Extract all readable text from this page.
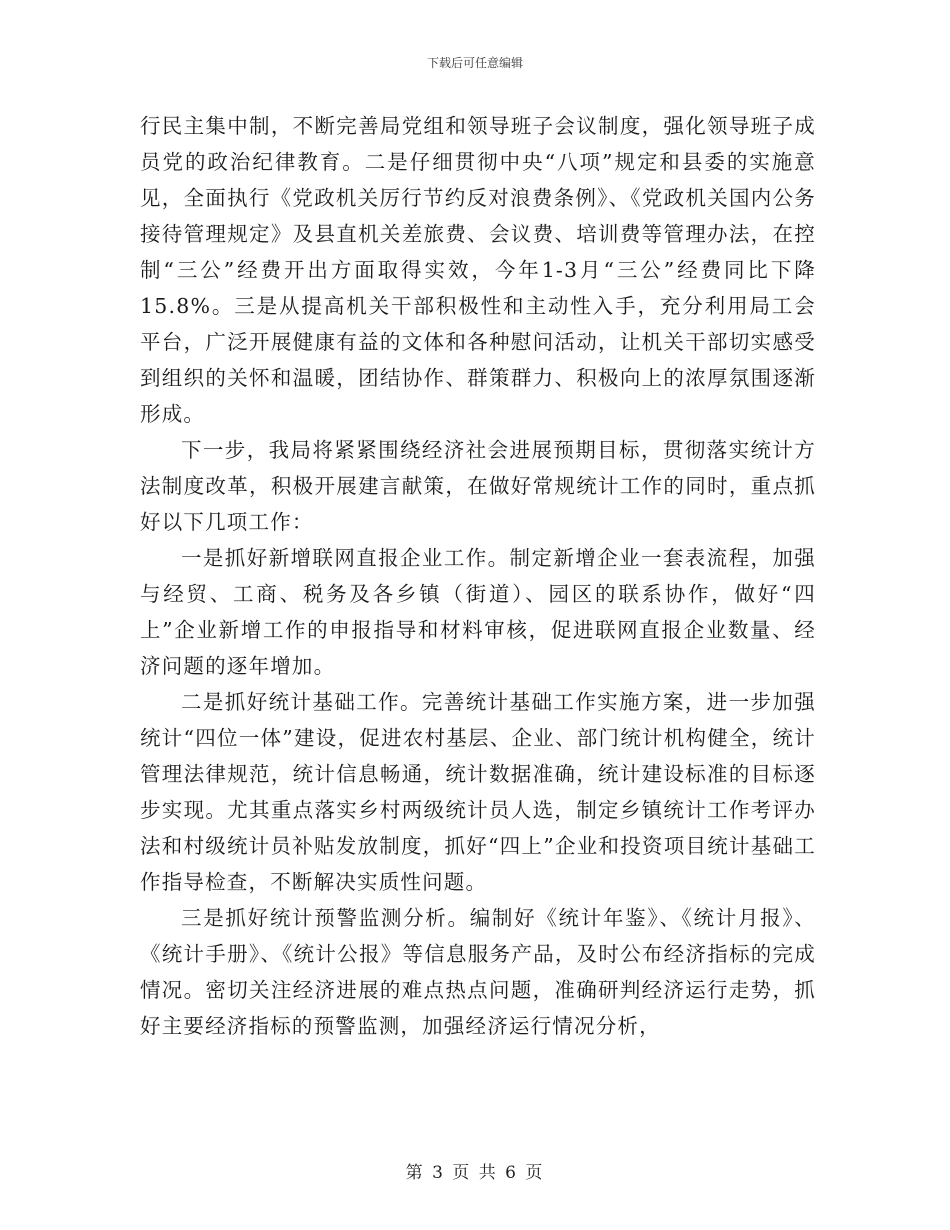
下载后可任意编辑

行民主集中制，不断完善局党组和领导班子会议制度，强化领导班子成员党的政治纪律教育。二是仔细贯彻中央“八项”规定和县委的实施意见，全面执行《党政机关厉行节约反对浪费条例》、《党政机关国内公务接待管理规定》及县直机关差旅费、会议费、培训费等管理办法，在控制“三公”经费开出方面取得实效，今年1-3月“三公”经费同比下降15.8%。三是从提高机关干部积极性和主动性入手，充分利用局工会平台，广泛开展健康有益的文体和各种慰问活动，让机关干部切实感受到组织的关怀和温暖，团结协作、群策群力、积极向上的浓厚氛围逐渐形成。

下一步，我局将紧紧围绕经济社会进展预期目标，贯彻落实统计方法制度改革，积极开展建言献策，在做好常规统计工作的同时，重点抓好以下几项工作：

一是抓好新增联网直报企业工作。制定新增企业一套表流程，加强与经贸、工商、税务及各乡镇（街道）、园区的联系协作，做好“四上”企业新增工作的申报指导和材料审核，促进联网直报企业数量、经济问题的逐年增加。

二是抓好统计基础工作。完善统计基础工作实施方案，进一步加强统计“四位一体”建设，促进农村基层、企业、部门统计机构健全，统计管理法律规范，统计信息畅通，统计数据准确，统计建设标准的目标逐步实现。尤其重点落实乡村两级统计员人选，制定乡镇统计工作考评办法和村级统计员补贴发放制度，抓好“四上”企业和投资项目统计基础工作指导检查，不断解决实质性问题。

三是抓好统计预警监测分析。编制好《统计年鉴》、《统计月报》、《统计手册》、《统计公报》等信息服务产品，及时公布经济指标的完成情况。密切关注经济进展的难点热点问题，准确研判经济运行走势，抓好主要经济指标的预警监测，加强经济运行情况分析，

第 3 页 共 6 页
